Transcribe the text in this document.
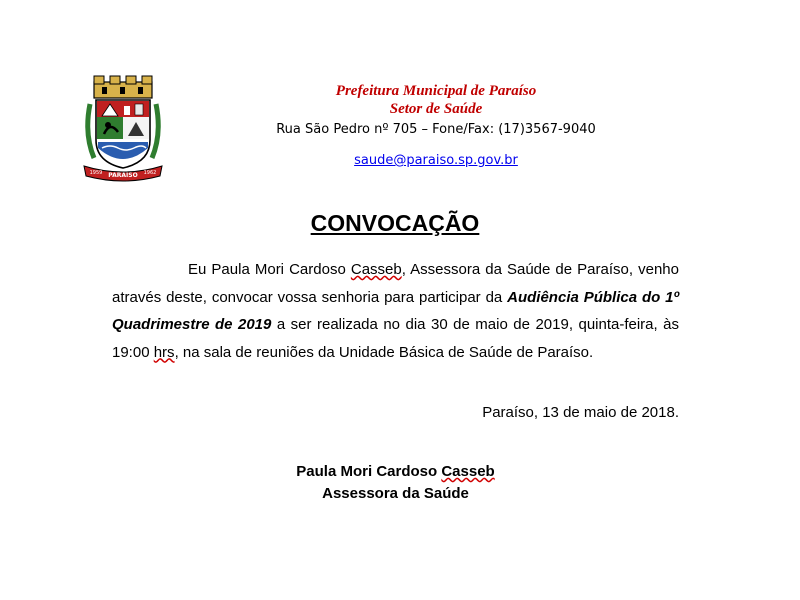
PARAISO
1959	1962
Prefeitura Municipal de Paraíso
Setor de Saúde
Rua São Pedro nº 705 – Fone/Fax: (17)3567-9040
saude@paraiso.sp.gov.br
CONVOCAÇÃO
Eu Paula Mori Cardoso Casseb, Assessora da Saúde de Paraíso, venho através deste, convocar vossa senhoria para participar da Audiência Pública do 1º Quadrimestre de 2019 a ser realizada no dia 30 de maio de 2019, quinta-feira, às 19:00 hrs, na sala de reuniões da Unidade Básica de Saúde de Paraíso.
Paraíso, 13 de maio de 2018.
Paula Mori Cardoso Casseb
Assessora da Saúde
